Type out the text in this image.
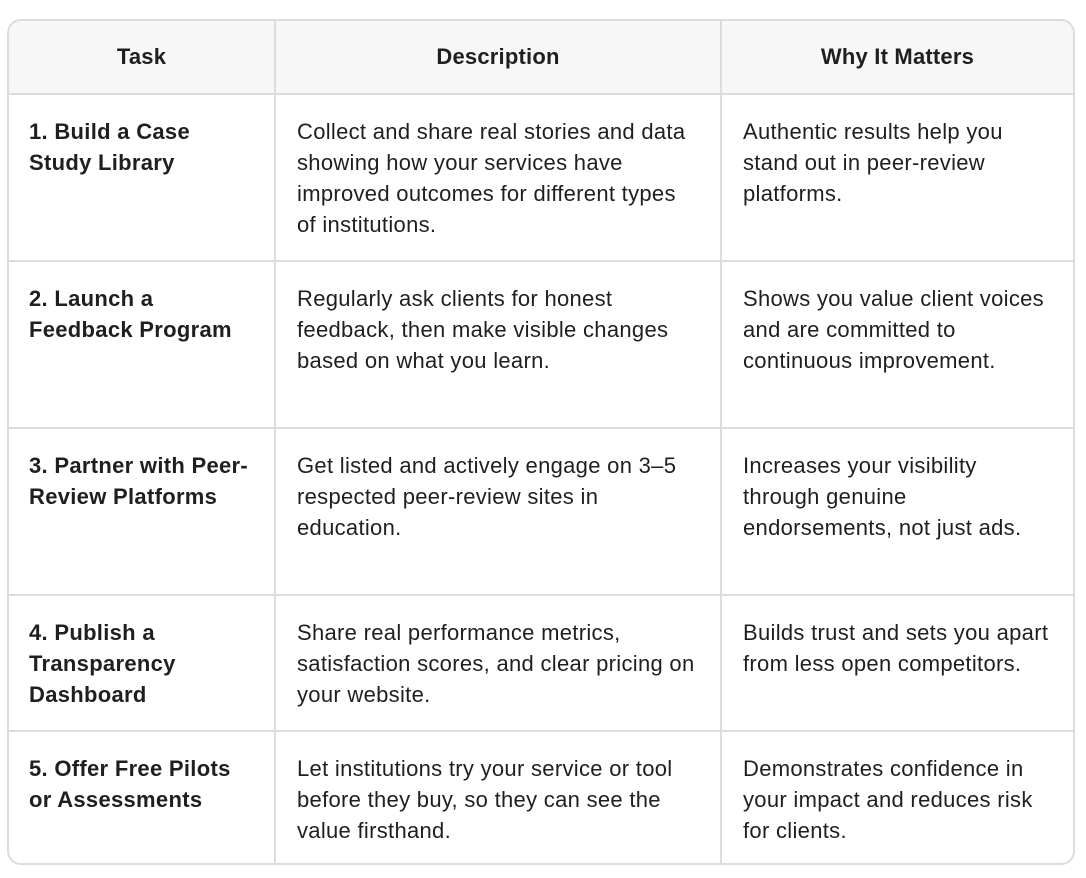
Task	Description	Why It Matters
1. Build a Case Study Library	Collect and share real stories and data showing how your services have improved outcomes for different types of institutions.	Authentic results help you stand out in peer-review platforms.
2. Launch a Feedback Program	Regularly ask clients for honest feedback, then make visible changes based on what you learn.	Shows you value client voices and are committed to continuous improvement.
3. Partner with Peer-Review Platforms	Get listed and actively engage on 3–5 respected peer-review sites in education.	Increases your visibility through genuine endorsements, not just ads.
4. Publish a Transparency Dashboard	Share real performance metrics, satisfaction scores, and clear pricing on your website.	Builds trust and sets you apart from less open competitors.
5. Offer Free Pilots or Assessments	Let institutions try your service or tool before they buy, so they can see the value firsthand.	Demonstrates confidence in your impact and reduces risk for clients.
